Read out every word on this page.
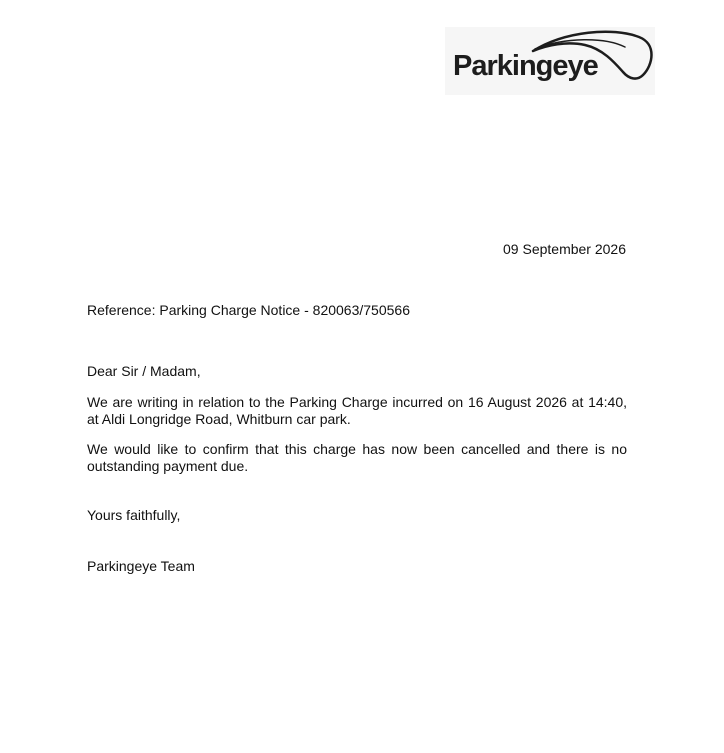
Parkingeye
09 September 2026
Reference: Parking Charge Notice - 820063/750566
Dear Sir / Madam,

We are writing in relation to the Parking Charge incurred on 16 August 2026 at 14:40, at Aldi Longridge Road, Whitburn car park.

We would like to confirm that this charge has now been cancelled and there is no outstanding payment due.

Yours faithfully,
Parkingeye Team
